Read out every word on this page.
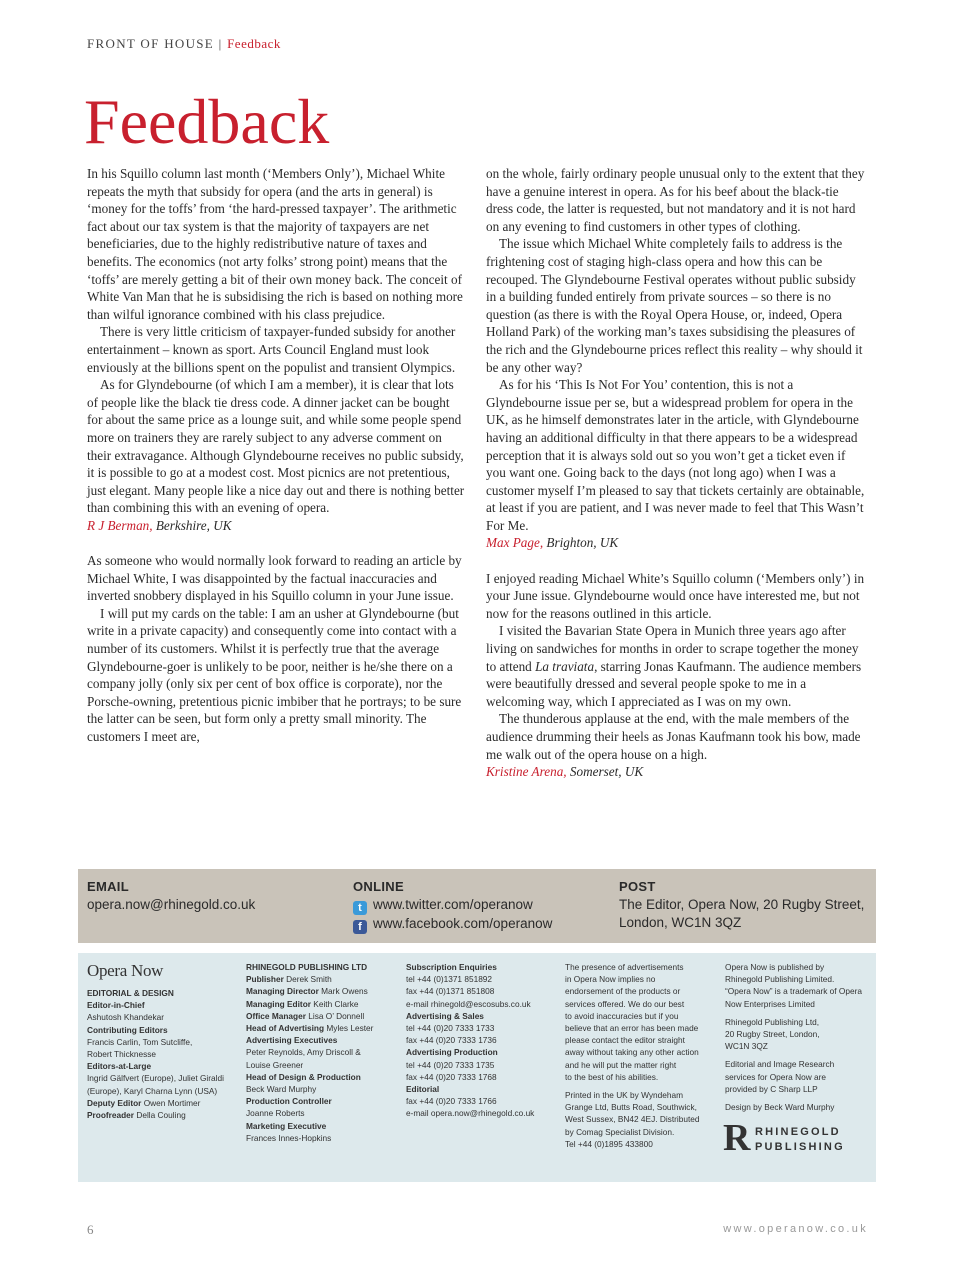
FRONT OF HOUSE | Feedback
Feedback

In his Squillo column last month (‘Members Only’), Michael White repeats the myth that subsidy for opera (and the arts in general) is ‘money for the toffs’ from ‘the hard-pressed taxpayer’. The arithmetic fact about our tax system is that the majority of taxpayers are net beneficiaries, due to the highly redistributive nature of taxes and benefits. The economics (not arty folks’ strong point) means that the ‘toffs’ are merely getting a bit of their own money back. The conceit of White Van Man that he is subsidising the rich is based on nothing more than wilful ignorance combined with his class prejudice.

There is very little criticism of taxpayer-funded subsidy for another entertainment – known as sport. Arts Council England must look enviously at the billions spent on the populist and transient Olympics.

As for Glyndebourne (of which I am a member), it is clear that lots of people like the black tie dress code. A dinner jacket can be bought for about the same price as a lounge suit, and while some people spend more on trainers they are rarely subject to any adverse comment on their extravagance. Although Glyndebourne receives no public subsidy, it is possible to go at a modest cost. Most picnics are not pretentious, just elegant. Many people like a nice day out and there is nothing better than combining this with an evening of opera.

R J Berman, Berkshire, UK

As someone who would normally look forward to reading an article by Michael White, I was disappointed by the factual inaccuracies and inverted snobbery displayed in his Squillo column in your June issue.

I will put my cards on the table: I am an usher at Glyndebourne (but write in a private capacity) and consequently come into contact with a number of its customers. Whilst it is perfectly true that the average Glyndebourne-goer is unlikely to be poor, neither is he/she there on a company jolly (only six per cent of box office is corporate), nor the Porsche-owning, pretentious picnic imbiber that he portrays; to be sure the latter can be seen, but form only a pretty small minority. The customers I meet are,

on the whole, fairly ordinary people unusual only to the extent that they have a genuine interest in opera. As for his beef about the black-tie dress code, the latter is requested, but not mandatory and it is not hard on any evening to find customers in other types of clothing.

The issue which Michael White completely fails to address is the frightening cost of staging high-class opera and how this can be recouped. The Glyndebourne Festival operates without public subsidy in a building funded entirely from private sources – so there is no question (as there is with the Royal Opera House, or, indeed, Opera Holland Park) of the working man’s taxes subsidising the pleasures of the rich and the Glyndebourne prices reflect this reality – why should it be any other way?

As for his ‘This Is Not For You’ contention, this is not a Glyndebourne issue per se, but a widespread problem for opera in the UK, as he himself demonstrates later in the article, with Glyndebourne having an additional difficulty in that there appears to be a widespread perception that it is always sold out so you won’t get a ticket even if you want one. Going back to the days (not long ago) when I was a customer myself I’m pleased to say that tickets certainly are obtainable, at least if you are patient, and I was never made to feel that This Wasn’t For Me.

Max Page, Brighton, UK

I enjoyed reading Michael White’s Squillo column (‘Members only’) in your June issue. Glyndebourne would once have interested me, but not now for the reasons outlined in this article.

I visited the Bavarian State Opera in Munich three years ago after living on sandwiches for months in order to scrape together the money to attend La traviata, starring Jonas Kaufmann. The audience members were beautifully dressed and several people spoke to me in a welcoming way, which I appreciated as I was on my own.

The thunderous applause at the end, with the male members of the audience drumming their heels as Jonas Kaufmann took his bow, made me walk out of the opera house on a high.

Kristine Arena, Somerset, UK

EMAIL
opera.now@rhinegold.co.uk
ONLINE
t www.twitter.com/operanow
f www.facebook.com/operanow
POST
The Editor, Opera Now, 20 Rugby Street,
London, WC1N 3QZ
Opera Now
EDITORIAL & DESIGN
Editor-in-Chief
Ashutosh Khandekar
Contributing Editors
Francis Carlin, Tom Sutcliffe,
Robert Thicknesse
Editors-at-Large
Ingrid Gälfvert (Europe), Juliet Giraldi
(Europe), Karyl Charna Lynn (USA)
Deputy Editor Owen Mortimer
Proofreader Della Couling
RHINEGOLD PUBLISHING LTD
Publisher Derek Smith
Managing Director Mark Owens
Managing Editor Keith Clarke
Office Manager Lisa O’ Donnell
Head of Advertising Myles Lester
Advertising Executives
Peter Reynolds, Amy Driscoll &
Louise Greener
Head of Design & Production
Beck Ward Murphy
Production Controller
Joanne Roberts
Marketing Executive
Frances Innes-Hopkins
Subscription Enquiries
tel +44 (0)1371 851892
fax +44 (0)1371 851808
e-mail rhinegold@escosubs.co.uk
Advertising & Sales
tel +44 (0)20 7333 1733
fax +44 (0)20 7333 1736
Advertising Production
tel +44 (0)20 7333 1735
fax +44 (0)20 7333 1768
Editorial
fax +44 (0)20 7333 1766
e-mail opera.now@rhinegold.co.uk
The presence of advertisements
in Opera Now implies no
endorsement of the products or
services offered. We do our best
to avoid inaccuracies but if you
believe that an error has been made
please contact the editor straight
away without taking any other action
and he will put the matter right
to the best of his abilities.
Printed in the UK by Wyndeham
Grange Ltd, Butts Road, Southwick,
West Sussex, BN42 4EJ. Distributed
by Comag Specialist Division.
Tel +44 (0)1895 433800
Opera Now is published by
Rhinegold Publishing Limited.
“Opera Now” is a trademark of Opera
Now Enterprises Limited
Rhinegold Publishing Ltd,
20 Rugby Street, London,
WC1N 3QZ
Editorial and Image Research
services for Opera Now are
provided by C Sharp LLP
Design by Beck Ward Murphy
R RHINEGOLD
PUBLISHING
6	www.operanow.co.uk
